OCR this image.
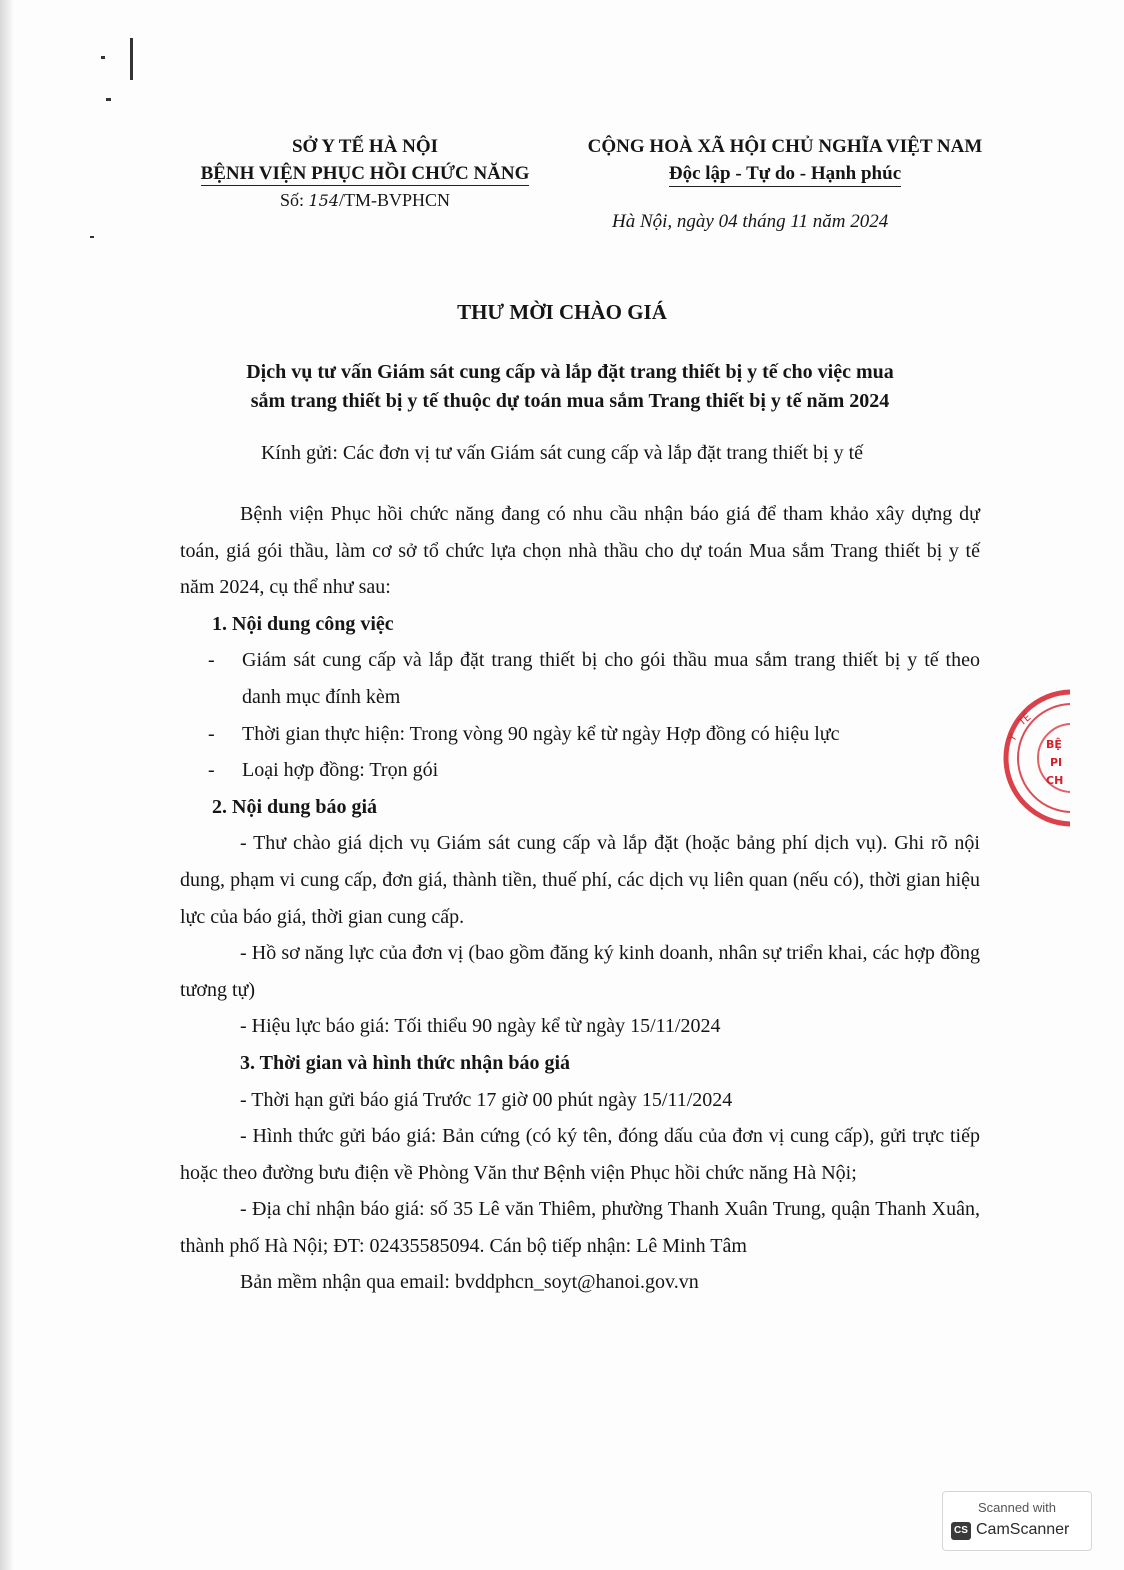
SỞ Y TẾ HÀ NỘI
BỆNH VIỆN PHỤC HỒI CHỨC NĂNG
Số: 154/TM-BVPHCN
CỘNG HOÀ XÃ HỘI CHỦ NGHĨA VIỆT NAM
Độc lập - Tự do - Hạnh phúc
Hà Nội, ngày 04 tháng 11 năm 2024
THƯ MỜI CHÀO GIÁ
Dịch vụ tư vấn Giám sát cung cấp và lắp đặt trang thiết bị y tế cho việc mua
sắm trang thiết bị y tế thuộc dự toán mua sắm Trang thiết bị y tế năm 2024
Kính gửi: Các đơn vị tư vấn Giám sát cung cấp và lắp đặt trang thiết bị y tế

Bệnh viện Phục hồi chức năng đang có nhu cầu nhận báo giá để tham khảo xây dựng dự toán, giá gói thầu, làm cơ sở tổ chức lựa chọn nhà thầu cho dự toán Mua sắm Trang thiết bị y tế năm 2024, cụ thể như sau:

1. Nội dung công việc

- Giám sát cung cấp và lắp đặt trang thiết bị cho gói thầu mua sắm trang thiết bị y tế theo danh mục đính kèm

- Thời gian thực hiện: Trong vòng 90 ngày kể từ ngày Hợp đồng có hiệu lực

- Loại hợp đồng: Trọn gói

2. Nội dung báo giá

- Thư chào giá dịch vụ Giám sát cung cấp và lắp đặt (hoặc bảng phí dịch vụ). Ghi rõ nội dung, phạm vi cung cấp, đơn giá, thành tiền, thuế phí, các dịch vụ liên quan (nếu có), thời gian hiệu lực của báo giá, thời gian cung cấp.

- Hồ sơ năng lực của đơn vị (bao gồm đăng ký kinh doanh, nhân sự triển khai, các hợp đồng tương tự)

- Hiệu lực báo giá: Tối thiểu 90 ngày kể từ ngày 15/11/2024

3. Thời gian và hình thức nhận báo giá

- Thời hạn gửi báo giá Trước 17 giờ 00 phút ngày 15/11/2024

- Hình thức gửi báo giá: Bản cứng (có ký tên, đóng dấu của đơn vị cung cấp), gửi trực tiếp hoặc theo đường bưu điện về Phòng Văn thư Bệnh viện Phục hồi chức năng Hà Nội;

- Địa chỉ nhận báo giá: số 35 Lê văn Thiêm, phường Thanh Xuân Trung, quận Thanh Xuân, thành phố Hà Nội; ĐT: 02435585094. Cán bộ tiếp nhận: Lê Minh Tâm

Bản mềm nhận qua email: bvddphcn_soyt@hanoi.gov.vn

Y
TẾ
BỆ
PI
CH
Scanned with
CS CamScanner
